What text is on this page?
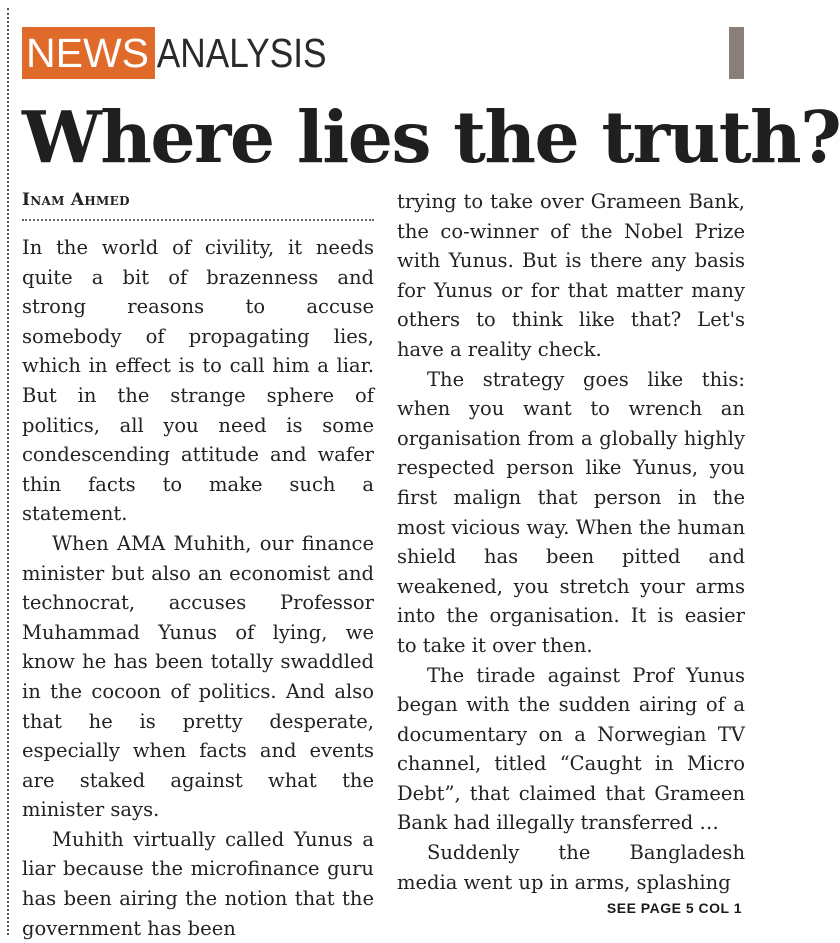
NEWS ANALYSIS
Where lies the truth?
Inam Ahmed

In the world of civility, it needs quite a bit of brazenness and strong reasons to accuse somebody of propagating lies, which in effect is to call him a liar. But in the strange sphere of politics, all you need is some condescending attitude and wafer thin facts to make such a statement.

When AMA Muhith, our finance minister but also an economist and technocrat, accuses Professor Muhammad Yunus of lying, we know he has been totally swaddled in the cocoon of politics. And also that he is pretty desperate, especially when facts and events are staked against what the minister says.

Muhith virtually called Yunus a liar because the microfinance guru has been airing the notion that the government has been

trying to take over Grameen Bank, the co-winner of the Nobel Prize with Yunus. But is there any basis for Yunus or for that matter many others to think like that? Let's have a reality check.

The strategy goes like this: when you want to wrench an organisation from a globally highly respected person like Yunus, you first malign that person in the most vicious way. When the human shield has been pitted and weakened, you stretch your arms into the organisation. It is easier to take it over then.

The tirade against Prof Yunus began with the sudden airing of a documentary on a Norwegian TV channel, titled “Caught in Micro Debt”, that claimed that Grameen Bank had illegally transferred …

Suddenly the Bangladesh media went up in arms, splashing

SEE PAGE 5 COL 1
